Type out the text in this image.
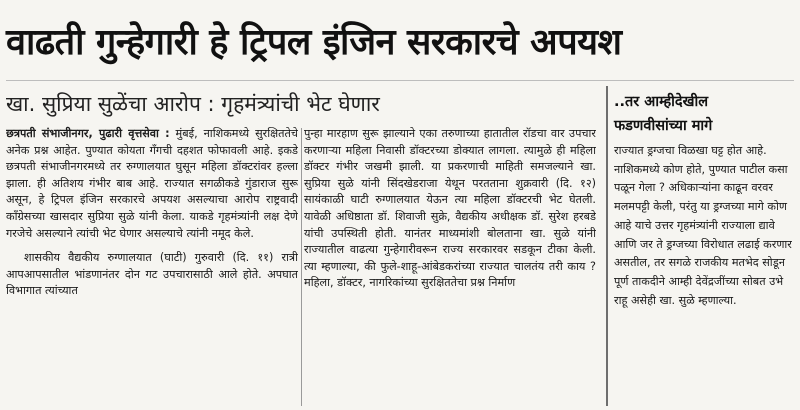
वाढती गुन्हेगारी हे ट्रिपल इंजिन सरकारचे अपयश
खा. सुप्रिया सुळेंचा आरोप : गृहमंत्र्यांची भेट घेणार

छत्रपती संभाजीनगर, पुढारी वृत्तसेवा : मुंबई, नाशिकमध्ये सुरक्षिततेचे अनेक प्रश्न आहेत. पुण्यात कोयता गँगची दहशत फोफावली आहे. इकडे छत्रपती संभाजीनगरमध्ये तर रुग्णालयात घुसून महिला डॉक्टरांवर हल्ला झाला. ही अतिशय गंभीर बाब आहे. राज्यात सगळीकडे गुंडाराज सुरू असून, हे ट्रिपल इंजिन सरकारचे अपयश असल्याचा आरोप राष्ट्रवादी काँग्रेसच्या खासदार सुप्रिया सुळे यांनी केला. याकडे गृहमंत्र्यांनी लक्ष देणे गरजेचे असल्याने त्यांची भेट घेणार असल्याचे त्यांनी नमूद केले.

शासकीय वैद्यकीय रुग्णालयात (घाटी) गुरुवारी (दि. ११) रात्री आपआपसातील भांडणानंतर दोन गट उपचारासाठी आले होते. अपघात विभागात त्यांच्यात

पुन्हा मारहाण सुरू झाल्याने एका तरुणाच्या हातातील रॉडचा वार उपचार करणाऱ्या महिला निवासी डॉक्टरच्या डोक्यात लागला. त्यामुळे ही महिला डॉक्टर गंभीर जखमी झाली. या प्रकरणाची माहिती समजल्याने खा. सुप्रिया सुळे यांनी सिंदखेडराजा येथून परतताना शुक्रवारी (दि. १२) सायंकाळी घाटी रुग्णालयात येऊन त्या महिला डॉक्टरची भेट घेतली. यावेळी अधिष्ठाता डॉ. शिवाजी सुक्रे, वैद्यकीय अधीक्षक डॉ. सुरेश हरबडे यांची उपस्थिती होती. यानंतर माध्यमांशी बोलताना खा. सुळे यांनी राज्यातील वाढत्या गुन्हेगारीवरून राज्य सरकारवर सडकून टीका केली. त्या म्हणाल्या, की फुले-शाहू-आंबेडकरांच्या राज्यात चालतंय तरी काय ? महिला, डॉक्टर, नागरिकांच्या सुरक्षिततेचा प्रश्न निर्माण

..तर आम्हीदेखील
फडणवीसांच्या मागे
राज्यात ड्रग्जचा विळखा घट्ट होत आहे. नाशिकमध्ये कोण होते, पुण्यात पाटील कसा पळून गेला ? अधिकाऱ्यांना काढून वरवर मलमपट्टी केली, परंतु या ड्रग्जच्या मागे कोण आहे याचे उत्तर गृहमंत्र्यांनी राज्याला द्यावे आणि जर ते ड्रग्जच्या विरोधात लढाई करणार असतील, तर सगळे राजकीय मतभेद सोडून पूर्ण ताकदीने आम्ही देवेंद्रजींच्या सोबत उभे राहू असेही खा. सुळे म्हणाल्या.
